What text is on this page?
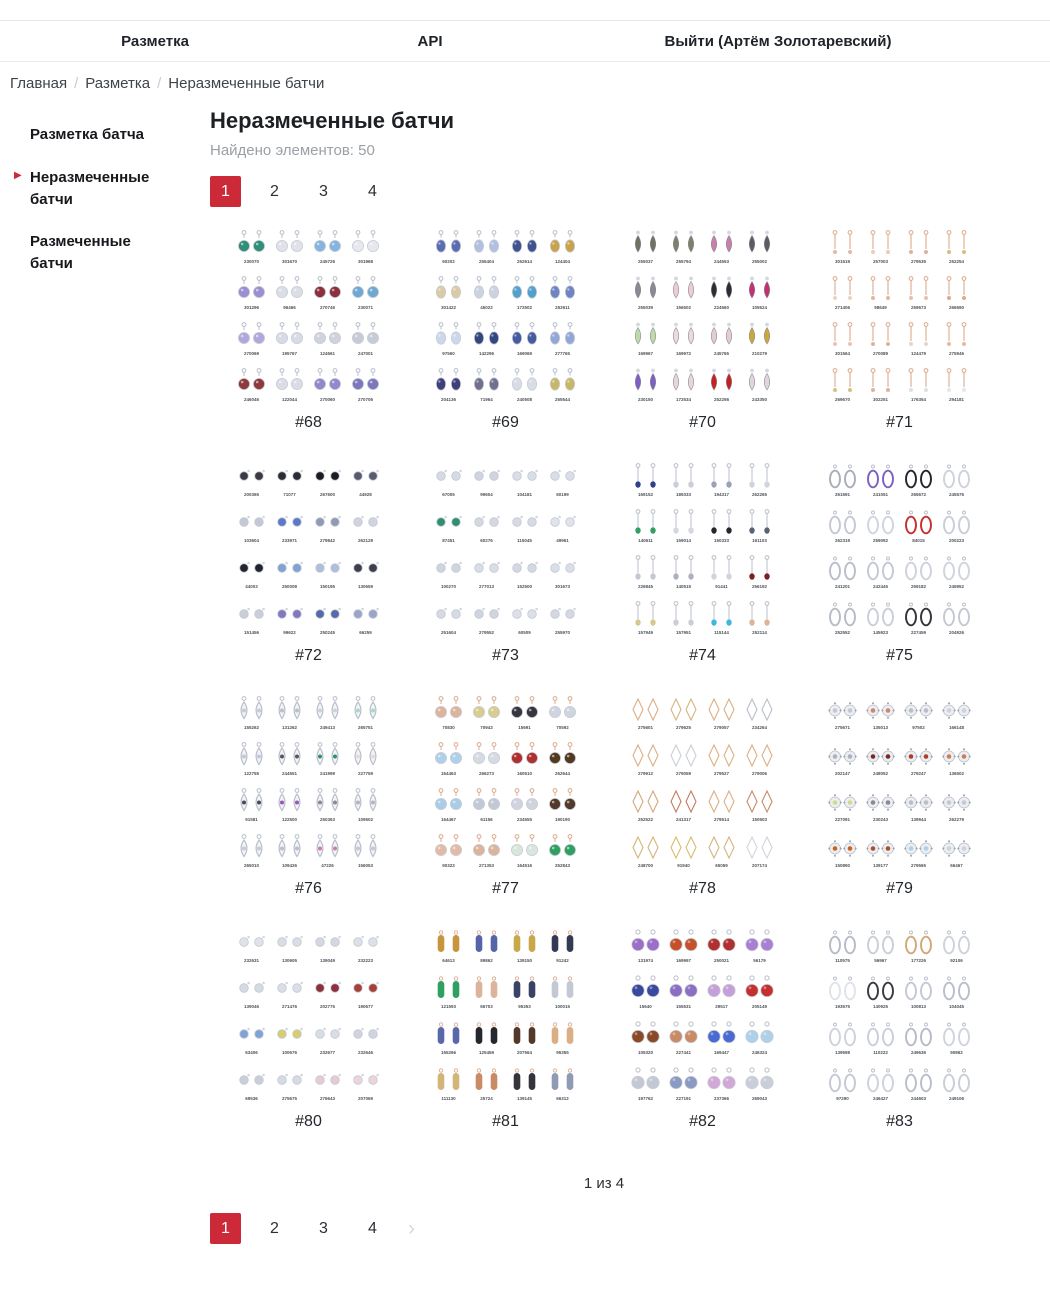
Разметка	API	Выйти (Артём Золотаревский)
Главная / Разметка / Неразмеченные батчи
Разметка батча
▶ Неразмеченные батчи
Размеченные батчи
Неразмеченные батчи
Найдено элементов: 50
1	2	3	4
230070	301670	245726	301968
301296	96466	270746	230071
270069	195767	124661	247001
246046	122044	270060	270706
#68
60202	255404	252614	124404
301422	45022	172502	252611
97560	142296	169069	277765
204136	71964	240508	255544
#69
255037	255794	244553	255002
255039	156502	224560	105524
169967	169972	245765	210279
230150	172534	252256	243350
#70
301519	257003	279535	252254
271406	98649	259673	266590
301564	270089	124479	275946
269670	302251	176354	294181
#71
200365	71077	267600	44928
103604	233971	279842	262129
44003	250008	150195	130659
151456	99622	250245	66259
#72
67005	99604	104181	60199
87451	60276	115045	49961
100270	277013	152500	301673
251604	279552	60509	255970
#73
169152	189333	194317	262265
140611	159014	150333	161103
226845	140515	91441	256192
157949	157951	115144	252114
#74
261591	241051	265672	245576
262319	259092	84015	200223
241201	242445	259182	245952
252552	145923	227459	204926
#75
155262	131262	249413	265751
122755	244551	241999	227759
91581	122500	250363	109502
265010	109426	47226	156053
#76
70830	70943	15691	70592
164463	266273	160510	262644
164467	61156	234555	190190
90323	271353	164516	252843
#77
275601	279625	279057	234264
279912	279059	279527	279006
252522	241317	279514	150503
248700	91940	65059	207174
#78
275671	135013	97502	166148
202147	248052	279247	136502
227091	230243	139944	262279
150890	139177	279565	66467
#79
232631	130605	139049	232223
139046	271476	202775	190677
63406	100676	232677	232646
69536	275675	276643	207069
#80
64613	89862	139150	91242
121593	66703	95353	100015
155266	125459	207564	95355
111130	25724	139145	66312
#81
131974	169997	250021	56179
15640	155531	29517	205149
105320	227441	169447	246324
197762	227191	237366	269043
#82
110575	56967	177226	92106
193575	140925	100813	104045
139598	110222	249636	90862
97290	246427	244603	249106
#83
1 из 4
1	2	3	4	›
